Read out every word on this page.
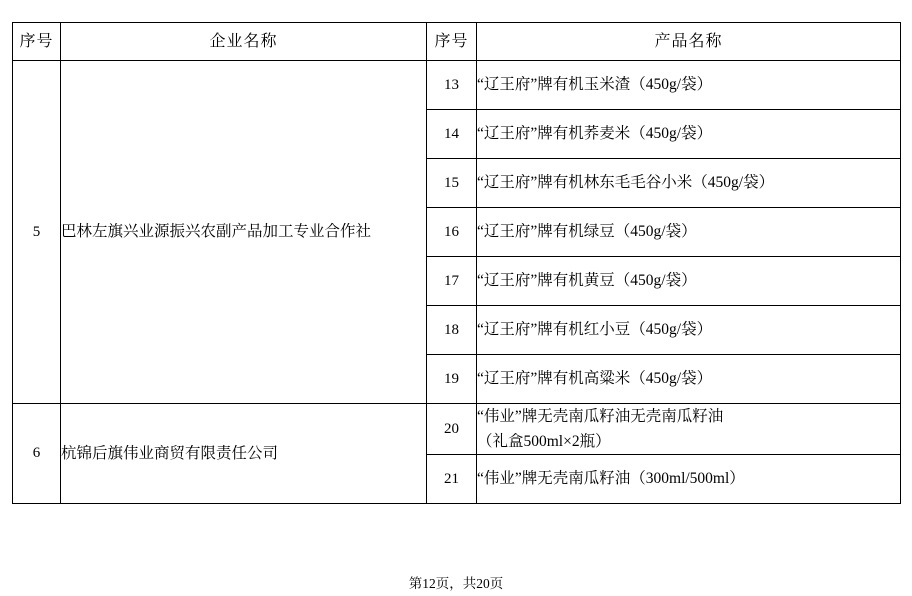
序号	企业名称	序号	产品名称
5	巴林左旗兴业源振兴农副产品加工专业合作社	13	“辽王府”牌有机玉米渣（450g/袋）
		14	“辽王府”牌有机荞麦米（450g/袋）
		15	“辽王府”牌有机林东毛毛谷小米（450g/袋）
		16	“辽王府”牌有机绿豆（450g/袋）
		17	“辽王府”牌有机黄豆（450g/袋）
		18	“辽王府”牌有机红小豆（450g/袋）
		19	“辽王府”牌有机高粱米（450g/袋）
6	杭锦后旗伟业商贸有限责任公司	20	“伟业”牌无壳南瓜籽油无壳南瓜籽油
（礼盒500ml×2瓶）

		21	“伟业”牌无壳南瓜籽油（300ml/500ml）
第12页，共20页
